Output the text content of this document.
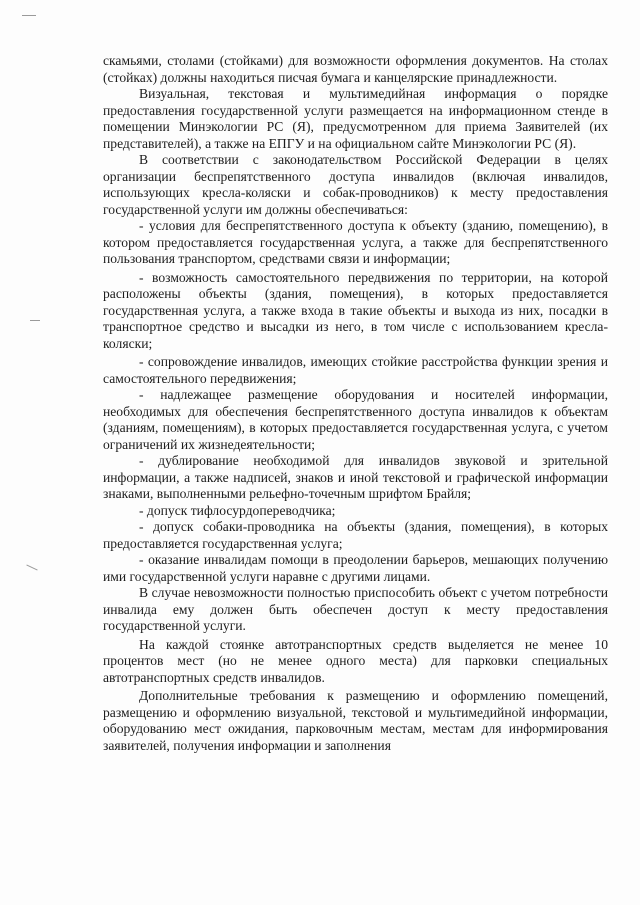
скамьями, столами (стойками) для возможности оформления документов. На столах (стойках) должны находиться писчая бумага и канцелярские принадлежности.

Визуальная, текстовая и мультимедийная информация о порядке предоставления государственной услуги размещается на информационном стенде в помещении Минэкологии РС (Я), предусмотренном для приема Заявителей (их представителей), а также на ЕПГУ и на официальном сайте Минэкологии РС (Я).

В соответствии с законодательством Российской Федерации в целях организации беспрепятственного доступа инвалидов (включая инвалидов, использующих кресла-коляски и собак-проводников) к месту предоставления государственной услуги им должны обеспечиваться:

- условия для беспрепятственного доступа к объекту (зданию, помещению), в котором предоставляется государственная услуга, а также для беспрепятственного пользования транспортом, средствами связи и информации;

- возможность самостоятельного передвижения по территории, на которой расположены объекты (здания, помещения), в которых предоставляется государственная услуга, а также входа в такие объекты и выхода из них, посадки в транспортное средство и высадки из него, в том числе с использованием кресла-коляски;

- сопровождение инвалидов, имеющих стойкие расстройства функции зрения и самостоятельного передвижения;

- надлежащее размещение оборудования и носителей информации, необходимых для обеспечения беспрепятственного доступа инвалидов к объектам (зданиям, помещениям), в которых предоставляется государственная услуга, с учетом ограничений их жизнедеятельности;

- дублирование необходимой для инвалидов звуковой и зрительной информации, а также надписей, знаков и иной текстовой и графической информации знаками, выполненными рельефно-точечным шрифтом Брайля;

- допуск тифлосурдопереводчика;

- допуск собаки-проводника на объекты (здания, помещения), в которых предоставляется государственная услуга;

- оказание инвалидам помощи в преодолении барьеров, мешающих получению ими государственной услуги наравне с другими лицами.

В случае невозможности полностью приспособить объект с учетом потребности инвалида ему должен быть обеспечен доступ к месту предоставления государственной услуги.

На каждой стоянке автотранспортных средств выделяется не менее 10 процентов мест (но не менее одного места) для парковки специальных автотранспортных средств инвалидов.

Дополнительные требования к размещению и оформлению помещений, размещению и оформлению визуальной, текстовой и мультимедийной информации, оборудованию мест ожидания, парковочным местам, местам для информирования заявителей, получения информации и заполнения
